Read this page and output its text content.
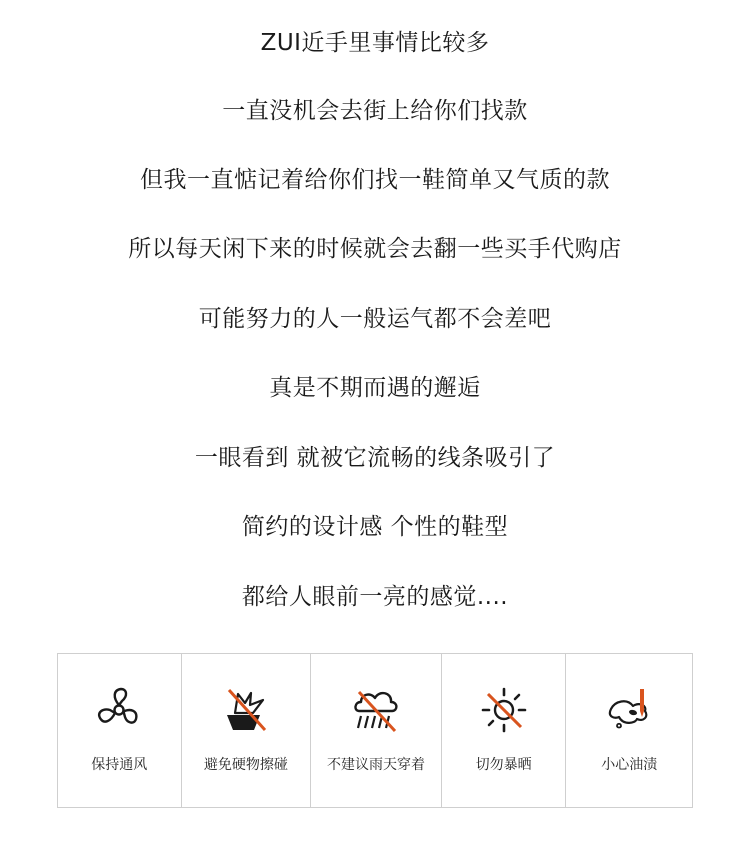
ZUI近手里事情比较多
一直没机会去街上给你们找款
但我一直惦记着给你们找一鞋简单又气质的款
所以每天闲下来的时候就会去翻一些买手代购店
可能努力的人一般运气都不会差吧
真是不期而遇的邂逅
一眼看到 就被它流畅的线条吸引了
简约的设计感 个性的鞋型
都给人眼前一亮的感觉....
保持通风	避免硬物擦碰	不建议雨天穿着	切勿暴晒	小心油渍
